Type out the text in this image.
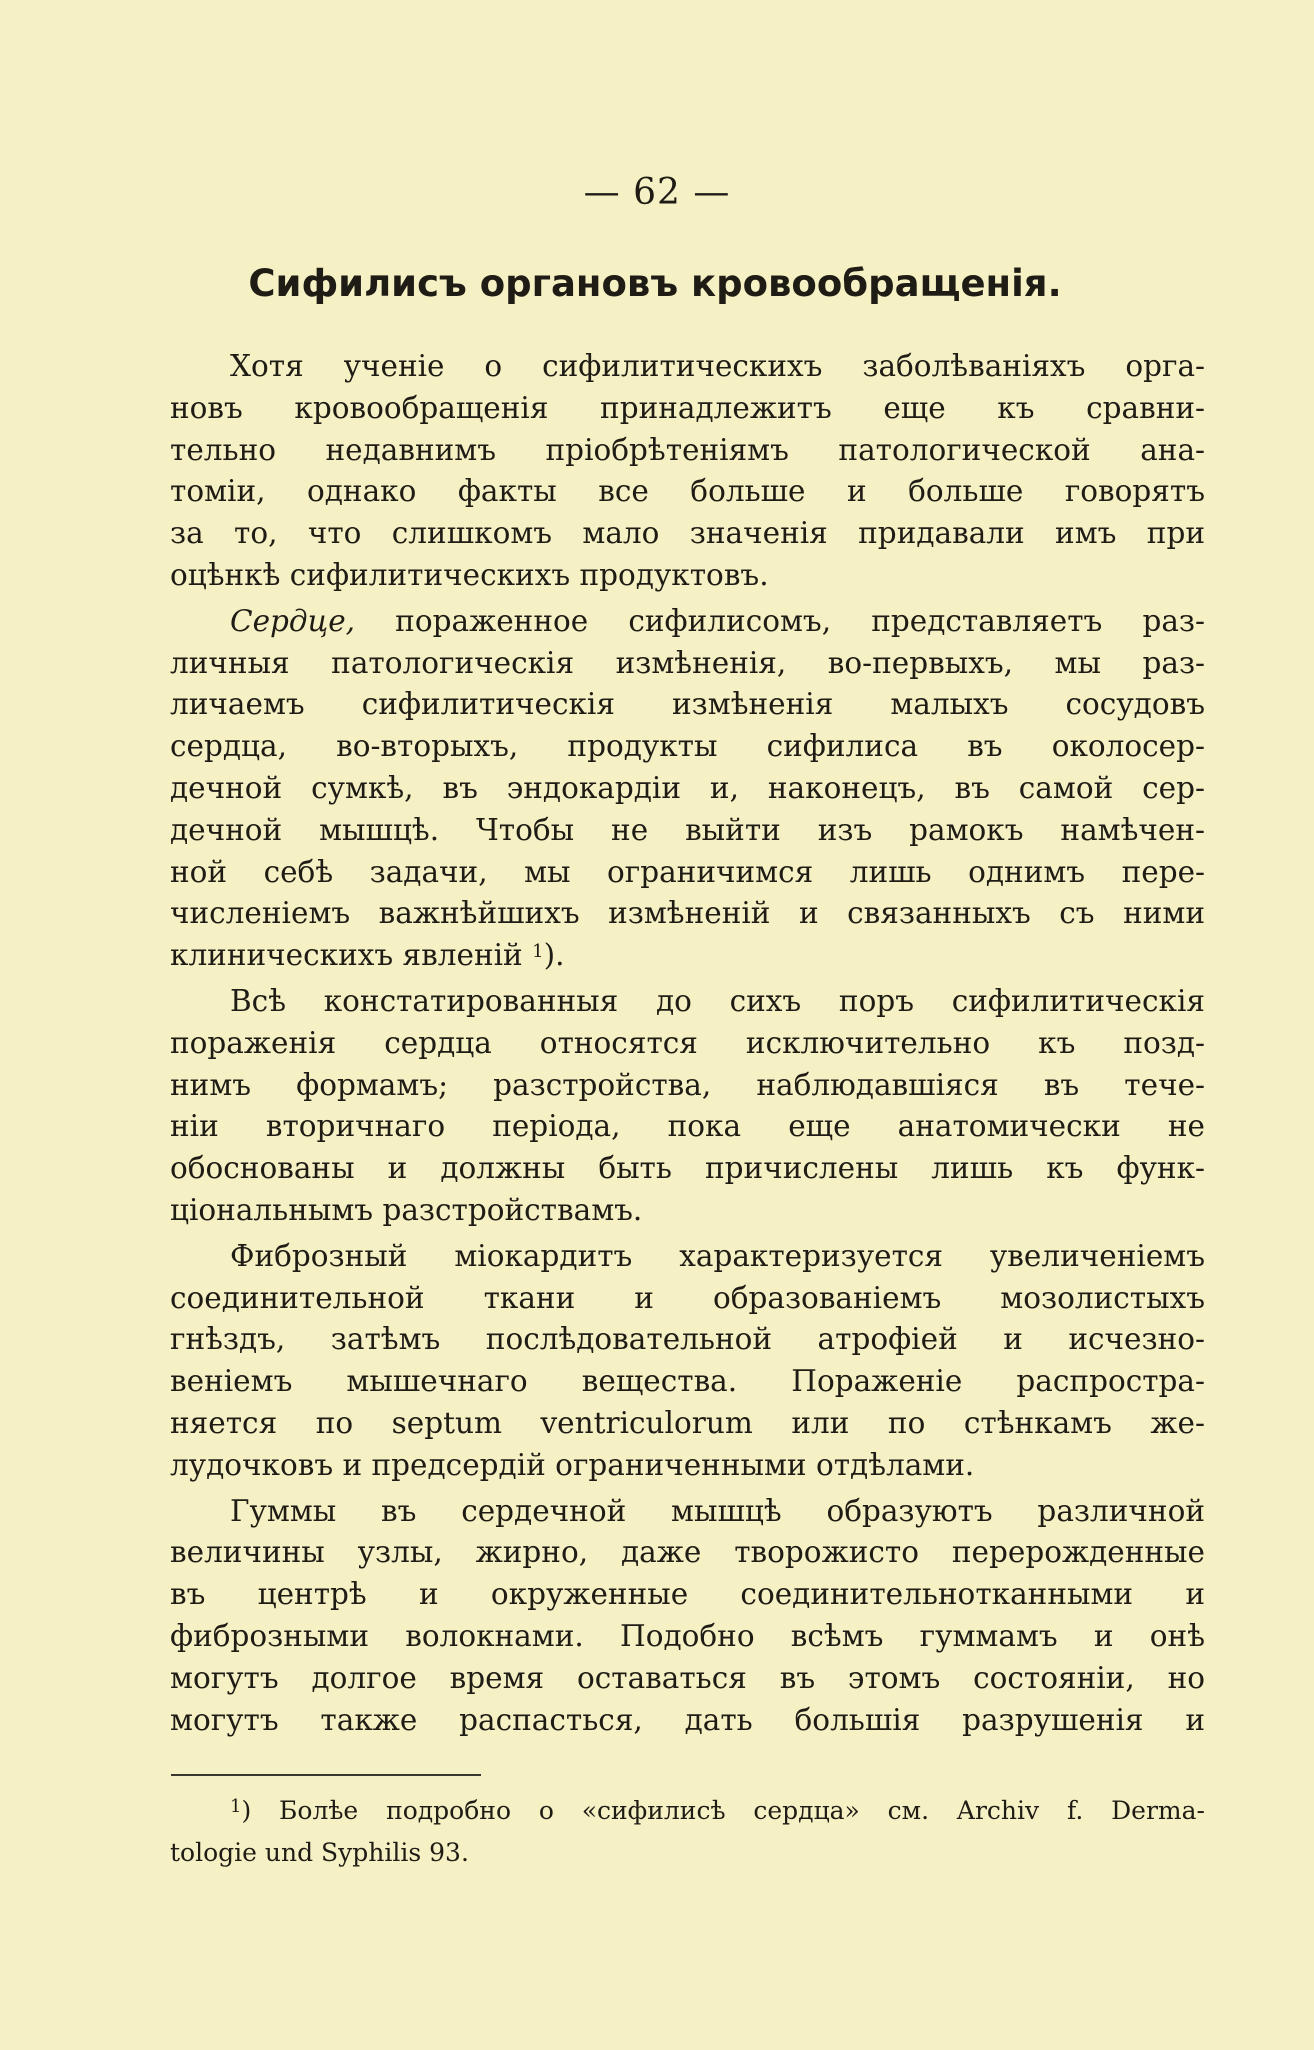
— 62 —
Сифилисъ органовъ кровообращенія.
Хотя ученіе о сифилитическихъ заболѣваніяхъ орга-
новъ кровообращенія принадлежитъ еще къ сравни-
тельно недавнимъ пріобрѣтеніямъ патологической ана-
томіи, однако факты все больше и больше говорятъ
за то, что слишкомъ мало значенія придавали имъ при
оцѣнкѣ сифилитическихъ продуктовъ.
Сердце, пораженное сифилисомъ, представляетъ раз-
личныя патологическія измѣненія, во-первыхъ, мы раз-
личаемъ сифилитическія измѣненія малыхъ сосудовъ
сердца, во-вторыхъ, продукты сифилиса въ околосер-
дечной сумкѣ, въ эндокардіи и, наконецъ, въ самой сер-
дечной мышцѣ. Чтобы не выйти изъ рамокъ намѣчен-
ной себѣ задачи, мы ограничимся лишь однимъ пере-
численіемъ важнѣйшихъ измѣненій и связанныхъ съ ними
клиническихъ явленій $^1$).
Всѣ констатированныя до сихъ поръ сифилитическія
пораженія сердца относятся исключительно къ позд-
нимъ формамъ; разстройства, наблюдавшіяся въ тече-
ніи вторичнаго періода, пока еще анатомически не
обоснованы и должны быть причислены лишь къ функ-
ціональнымъ разстройствамъ.
Фиброзный міокардитъ характеризуется увеличеніемъ
соединительной ткани и образованіемъ мозолистыхъ
гнѣздъ, затѣмъ послѣдовательной атрофіей и исчезно-
веніемъ мышечнаго вещества. Пораженіе распростра-
няется по septum ventriculorum или по стѣнкамъ же-
лудочковъ и предсердій ограниченными отдѣлами.
Гуммы въ сердечной мышцѣ образуютъ различной
величины узлы, жирно, даже творожисто перерожденные
въ центрѣ и окруженные соединительнотканными и
фиброзными волокнами. Подобно всѣмъ гуммамъ и онѣ
могутъ долгое время оставаться въ этомъ состояніи, но
могутъ также распасться, дать большія разрушенія и
$^1$) Болѣе подробно о «сифилисѣ сердца» см. Archiv f. Derma-
tologie und Syphilis 93.
